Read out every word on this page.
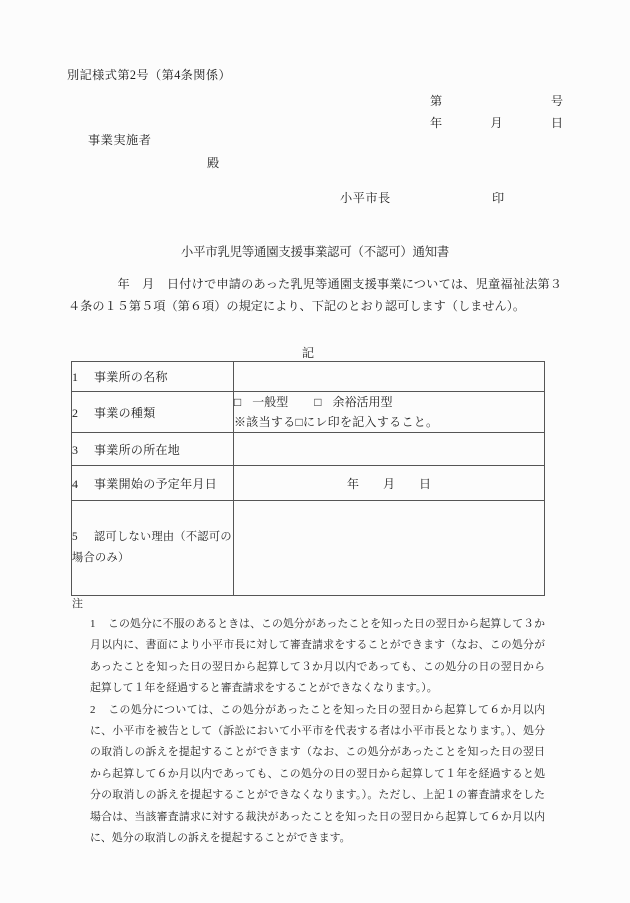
別記様式第2号（第4条関係）
第	号
年	月	日
事業実施者
殿
小平市長	印
小平市乳児等通園支援事業認可（不認可）通知書
　　　　年　月　日付けで申請のあった乳児等通園支援事業については、児童福祉法第３４条の１５第５項（第６項）の規定により、下記のとおり認可します（しません）。
記
1 事業所の名称	
2 事業の種類	□ 一般型 □ 余裕活用型
※該当する□にレ印を記入すること。

3 事業所の所在地	
4 事業開始の予定年月日	年　　月　　日
5 認可しない理由（不認可の場合のみ）	
注

1 この処分に不服のあるときは、この処分があったことを知った日の翌日から起算して３か月以内に、書面により小平市長に対して審査請求をすることができます（なお、この処分があったことを知った日の翌日から起算して３か月以内であっても、この処分の日の翌日から起算して１年を経過すると審査請求をすることができなくなります。）。

2 この処分については、この処分があったことを知った日の翌日から起算して６か月以内に、小平市を被告として（訴訟において小平市を代表する者は小平市長となります。）、処分の取消しの訴えを提起することができます（なお、この処分があったことを知った日の翌日から起算して６か月以内であっても、この処分の日の翌日から起算して１年を経過すると処分の取消しの訴えを提起することができなくなります。）。ただし、上記１の審査請求をした場合は、当該審査請求に対する裁決があったことを知った日の翌日から起算して６か月以内に、処分の取消しの訴えを提起することができます。
